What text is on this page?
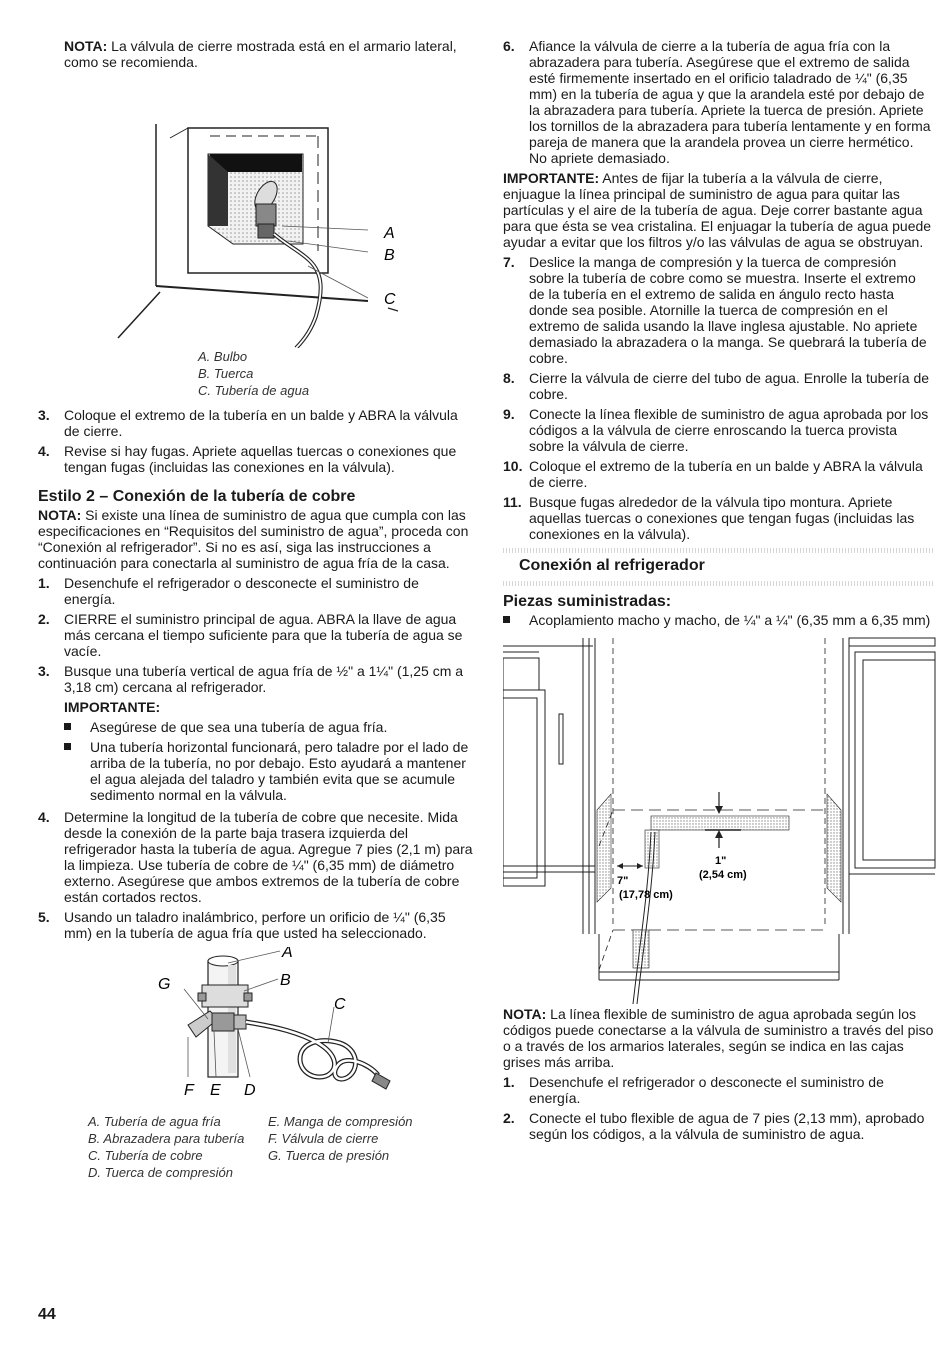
NOTA: La válvula de cierre mostrada está en el armario lateral, como se recomienda.

A
B
C
A. Bulbo
B. Tuerca
C. Tubería de agua
3. Coloque el extremo de la tubería en un balde y ABRA la válvula de cierre.
4. Revise si hay fugas. Apriete aquellas tuercas o conexiones que tengan fugas (incluidas las conexiones en la válvula).
Estilo 2 – Conexión de la tubería de cobre

NOTA: Si existe una línea de suministro de agua que cumpla con las especificaciones en “Requisitos del suministro de agua”, proceda con “Conexión al refrigerador”. Si no es así, siga las instrucciones a continuación para conectarla al suministro de agua fría de la casa.

1. Desenchufe el refrigerador o desconecte el suministro de energía.
2. CIERRE el suministro principal de agua. ABRA la llave de agua más cercana el tiempo suficiente para que la tubería de agua se vacíe.
3. Busque una tubería vertical de agua fría de ½" a 1¼" (1,25 cm a 3,18 cm) cercana al refrigerador.
IMPORTANTE:
Asegúrese de que sea una tubería de agua fría.
Una tubería horizontal funcionará, pero taladre por el lado de arriba de la tubería, no por debajo. Esto ayudará a mantener el agua alejada del taladro y también evita que se acumule sedimento normal en la válvula.
4. Determine la longitud de la tubería de cobre que necesite. Mida desde la conexión de la parte baja trasera izquierda del refrigerador hasta la tubería de agua. Agregue 7 pies (2,1 m) para la limpieza. Use tubería de cobre de ¼" (6,35 mm) de diámetro externo. Asegúrese que ambos extremos de la tubería de cobre están cortados rectos.
5. Usando un taladro inalámbrico, perfore un orificio de ¼" (6,35 mm) en la tubería de agua fría que usted ha seleccionado.
A
B
C
G
F E D
A. Tubería de agua fría
B. Abrazadera para tubería
C. Tubería de cobre
D. Tuerca de compresión
E. Manga de compresión
F. Válvula de cierre
G. Tuerca de presión
6. Afiance la válvula de cierre a la tubería de agua fría con la abrazadera para tubería. Asegúrese que el extremo de salida esté firmemente insertado en el orificio taladrado de ¼" (6,35 mm) en la tubería de agua y que la arandela esté por debajo de la abrazadera para tubería. Apriete la tuerca de presión. Apriete los tornillos de la abrazadera para tubería lentamente y en forma pareja de manera que la arandela provea un cierre hermético. No apriete demasiado.

IMPORTANTE: Antes de fijar la tubería a la válvula de cierre, enjuague la línea principal de suministro de agua para quitar las partículas y el aire de la tubería de agua. Deje correr bastante agua para que ésta se vea cristalina. El enjuagar la tubería de agua puede ayudar a evitar que los filtros y/o las válvulas de agua se obstruyan.

7. Deslice la manga de compresión y la tuerca de compresión sobre la tubería de cobre como se muestra. Inserte el extremo de la tubería en el extremo de salida en ángulo recto hasta donde sea posible. Atornille la tuerca de compresión en el extremo de salida usando la llave inglesa ajustable. No apriete demasiado la abrazadera o la manga. Se quebrará la tubería de cobre.
8. Cierre la válvula de cierre del tubo de agua. Enrolle la tubería de cobre.
9. Conecte la línea flexible de suministro de agua aprobada por los códigos a la válvula de cierre enroscando la tuerca provista sobre la válvula de cierre.
10. Coloque el extremo de la tubería en un balde y ABRA la válvula de cierre.
11. Busque fugas alrededor de la válvula tipo montura. Apriete aquellas tuercas o conexiones que tengan fugas (incluidas las conexiones en la válvula).
Conexión al refrigerador
Piezas suministradas:
Acoplamiento macho y macho, de ¼" a ¼" (6,35 mm a 6,35 mm)
1"
(2,54 cm)
7"
(17,78 cm)

NOTA: La línea flexible de suministro de agua aprobada según los códigos puede conectarse a la válvula de suministro a través del piso o a través de los armarios laterales, según se indica en las cajas grises más arriba.

1. Desenchufe el refrigerador o desconecte el suministro de energía.
2. Conecte el tubo flexible de agua de 7 pies (2,13 mm), aprobado según los códigos, a la válvula de suministro de agua.
44
